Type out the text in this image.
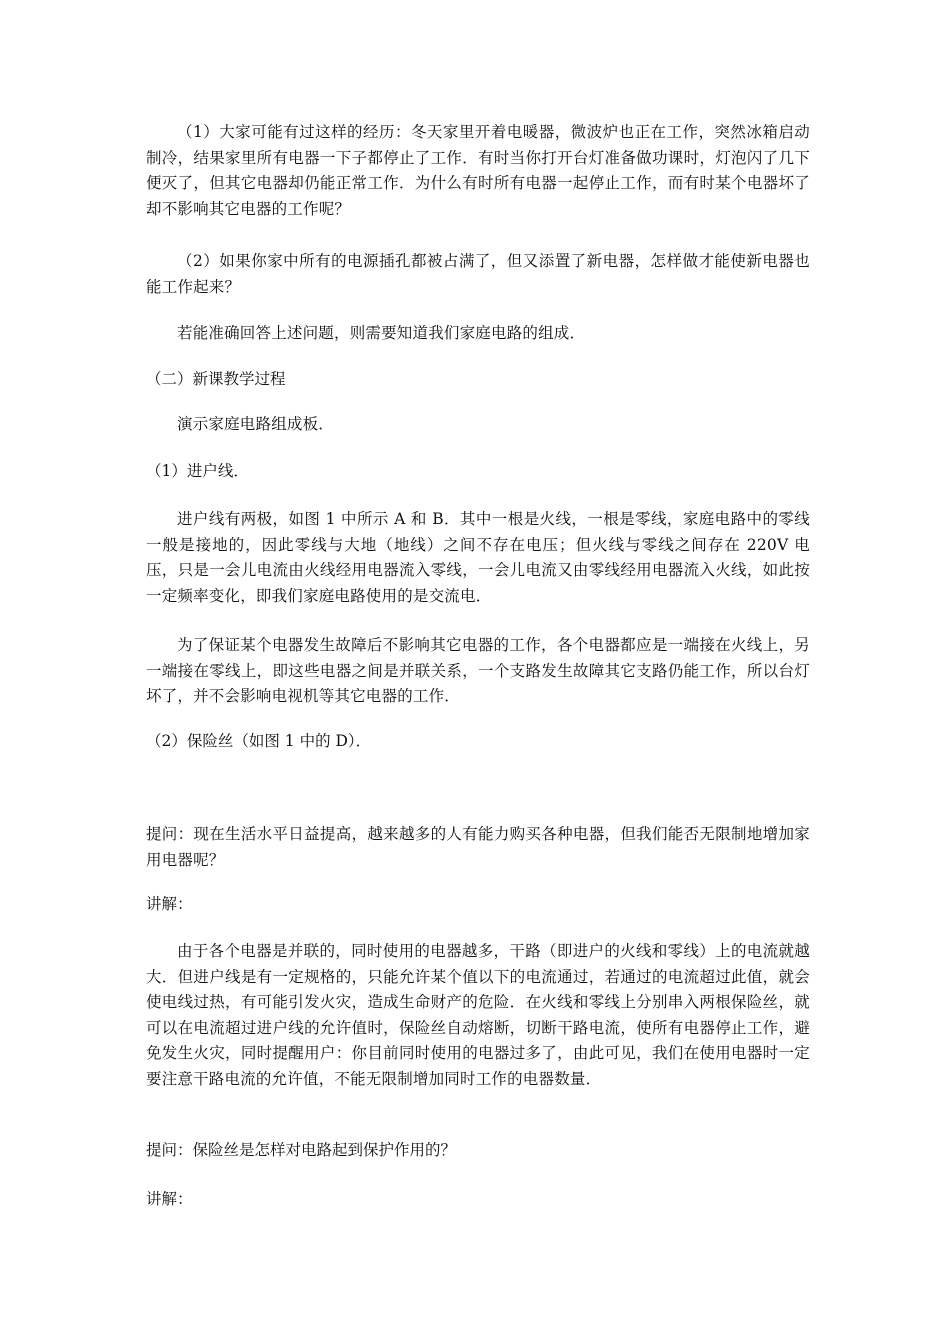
（1）大家可能有过这样的经历：冬天家里开着电暖器，微波炉也正在工作，突然冰箱启动制冷，结果家里所有电器一下子都停止了工作．有时当你打开台灯准备做功课时，灯泡闪了几下便灭了，但其它电器却仍能正常工作．为什么有时所有电器一起停止工作，而有时某个电器坏了却不影响其它电器的工作呢？

（2）如果你家中所有的电源插孔都被占满了，但又添置了新电器，怎样做才能使新电器也能工作起来？

若能准确回答上述问题，则需要知道我们家庭电路的组成．

（二）新课教学过程

演示家庭电路组成板．

（1）进户线．

进户线有两极，如图 1 中所示 A 和 B．其中一根是火线，一根是零线，家庭电路中的零线一般是接地的，因此零线与大地（地线）之间不存在电压；但火线与零线之间存在 220V 电压，只是一会儿电流由火线经用电器流入零线，一会儿电流又由零线经用电器流入火线，如此按一定频率变化，即我们家庭电路使用的是交流电．

为了保证某个电器发生故障后不影响其它电器的工作，各个电器都应是一端接在火线上，另一端接在零线上，即这些电器之间是并联关系，一个支路发生故障其它支路仍能工作，所以台灯坏了，并不会影响电视机等其它电器的工作．

（2）保险丝（如图 1 中的 D）．

提问：现在生活水平日益提高，越来越多的人有能力购买各种电器，但我们能否无限制地增加家用电器呢？

讲解：

由于各个电器是并联的，同时使用的电器越多，干路（即进户的火线和零线）上的电流就越大．但进户线是有一定规格的，只能允许某个值以下的电流通过，若通过的电流超过此值，就会使电线过热，有可能引发火灾，造成生命财产的危险．在火线和零线上分别串入两根保险丝，就可以在电流超过进户线的允许值时，保险丝自动熔断，切断干路电流，使所有电器停止工作，避免发生火灾，同时提醒用户：你目前同时使用的电器过多了，由此可见，我们在使用电器时一定要注意干路电流的允许值，不能无限制增加同时工作的电器数量．

提问：保险丝是怎样对电路起到保护作用的？

讲解：
